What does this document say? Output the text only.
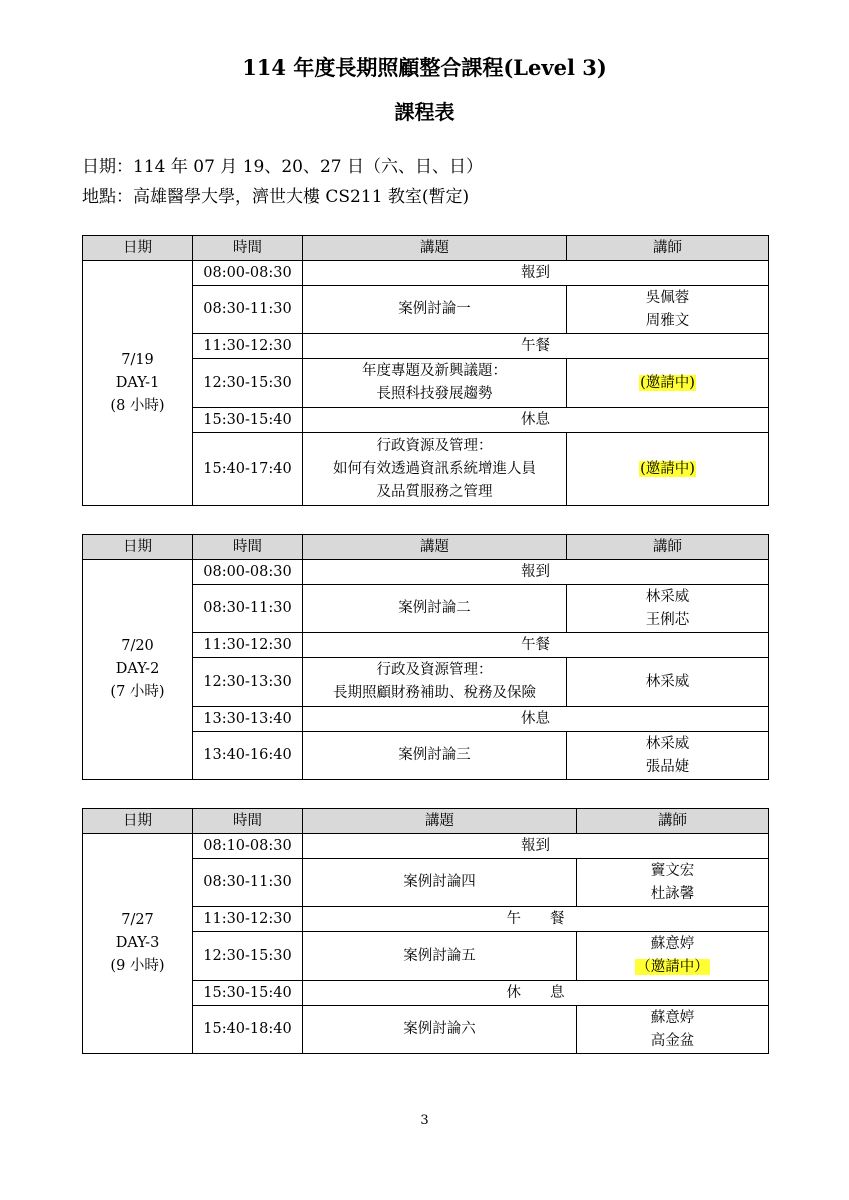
114 年度長期照顧整合課程(Level 3)
課程表
日期：114 年 07 月 19、20、27 日（六、日、日）
地點：高雄醫學大學，濟世大樓 CS211 教室(暫定)
日期	時間	講題	講師

7/19
DAY-1
(8 小時)	08:00-08:30	報到	
	08:30-11:30	案例討論一	吳佩蓉
周雅文

	11:30-12:30	午餐	
	12:30-15:30	年度專題及新興議題：
長照科技發展趨勢	(邀請中)
	15:30-15:40	休息	
	15:40-17:40	行政資源及管理：
如何有效透過資訊系統增進人員
及品質服務之管理	(邀請中)
日期	時間	講題	講師

7/20
DAY-2
(7 小時)	08:00-08:30	報到	
	08:30-11:30	案例討論二	林采威
王俐芯

	11:30-12:30	午餐	
	12:30-13:30	行政及資源管理：
長期照顧財務補助、稅務及保險	林采威
	13:30-13:40	休息	
	13:40-16:40	案例討論三	林采威
張品婕
日期	時間	講題	講師

7/27
DAY-3
(9 小時)	08:10-08:30	報到	
	08:30-11:30	案例討論四	竇文宏
杜詠馨

	11:30-12:30	午　　餐	
	12:30-15:30	案例討論五	蘇意婷
（邀請中）

	15:30-15:40	休　　息	
	15:40-18:40	案例討論六	蘇意婷
高金盆
3
